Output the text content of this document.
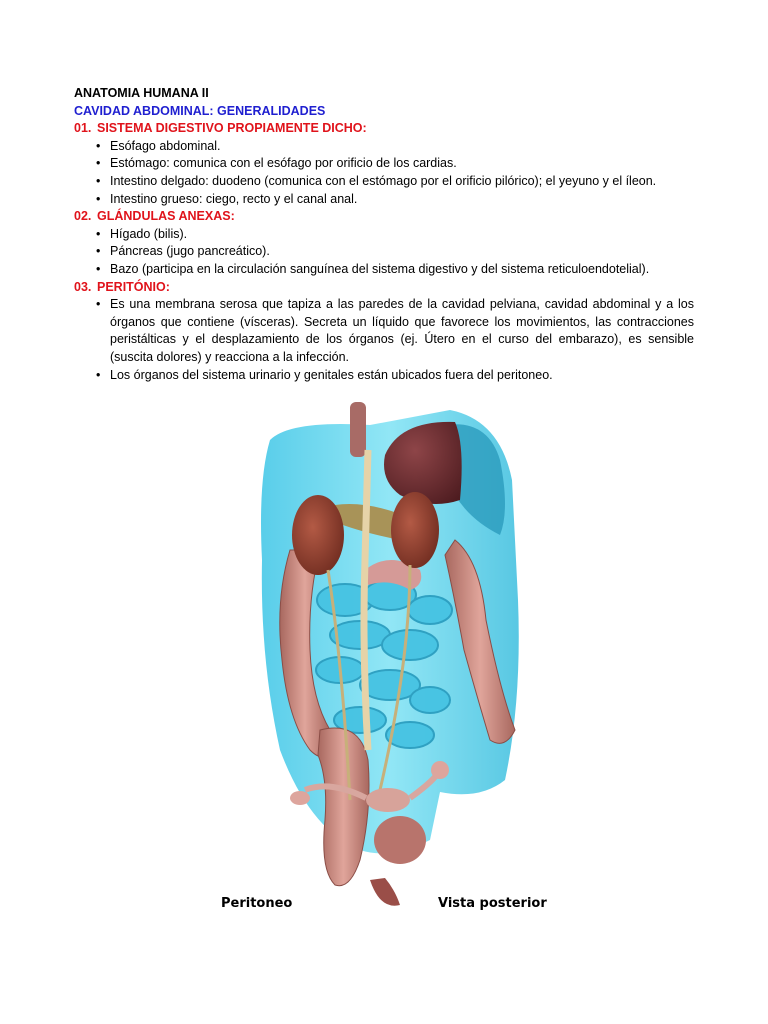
ANATOMIA HUMANA II
CAVIDAD ABDOMINAL: GENERALIDADES
01. SISTEMA DIGESTIVO PROPIAMENTE DICHO:
• Esófago abdominal.
• Estómago: comunica con el esófago por orificio de los cardias.
• Intestino delgado: duodeno (comunica con el estómago por el orificio pilórico); el yeyuno y el íleon.
• Intestino grueso: ciego, recto y el canal anal.
02. GLÁNDULAS ANEXAS:
• Hígado (bilis).
• Páncreas (jugo pancreático).
• Bazo (participa en la circulación sanguínea del sistema digestivo y del sistema reticuloendotelial).
03. PERITÓNIO:
• Es una membrana serosa que tapiza a las paredes de la cavidad pelviana, cavidad abdominal y a los órganos que contiene (vísceras). Secreta un líquido que favorece los movimientos, las contracciones peristálticas y el desplazamiento de los órganos (ej. Útero en el curso del embarazo), es sensible (suscita dolores) y reacciona a la infección.
• Los órganos del sistema urinario y genitales están ubicados fuera del peritoneo.
Peritoneo	Vista posterior
